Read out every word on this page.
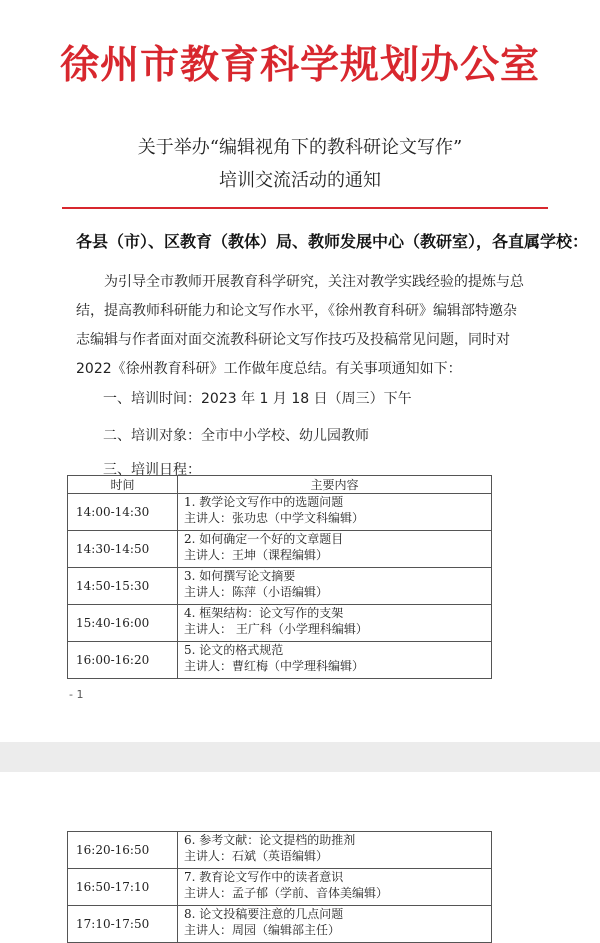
徐州市教育科学规划办公室
关于举办“编辑视角下的教科研论文写作”
培训交流活动的通知
各县（市）、区教育（教体）局、教师发展中心（教研室），各直属学校：
为引导全市教师开展教育科学研究，关注对教学实践经验的提炼与总结，提高教师科研能力和论文写作水平，《徐州教育科研》编辑部特邀杂志编辑与作者面对面交流教科研论文写作技巧及投稿常见问题，同时对 2022《徐州教育科研》工作做年度总结。有关事项通知如下：
一、培训时间：2023 年 1 月 18 日（周三）下午
二、培训对象：全市中小学校、幼儿园教师
三、培训日程：
时间	主要内容
14:00-14:30	1. 教学论文写作中的选题问题
主讲人：张功忠（中学文科编辑）

14:30-14:50	2. 如何确定一个好的文章题目
主讲人：王坤（课程编辑）

14:50-15:30	3. 如何撰写论文摘要
主讲人：陈萍（小语编辑）

15:40-16:00	4. 框架结构：论文写作的支架
主讲人： 王广科（小学理科编辑）

16:00-16:20	5. 论文的格式规范
主讲人：曹红梅（中学理科编辑）
- 1
16:20-16:50	6. 参考文献：论文提档的助推剂
主讲人：石斌（英语编辑）

16:50-17:10	7. 教育论文写作中的读者意识
主讲人：孟子郁（学前、音体美编辑）

17:10-17:50	8. 论文投稿要注意的几点问题
主讲人：周园（编辑部主任）
